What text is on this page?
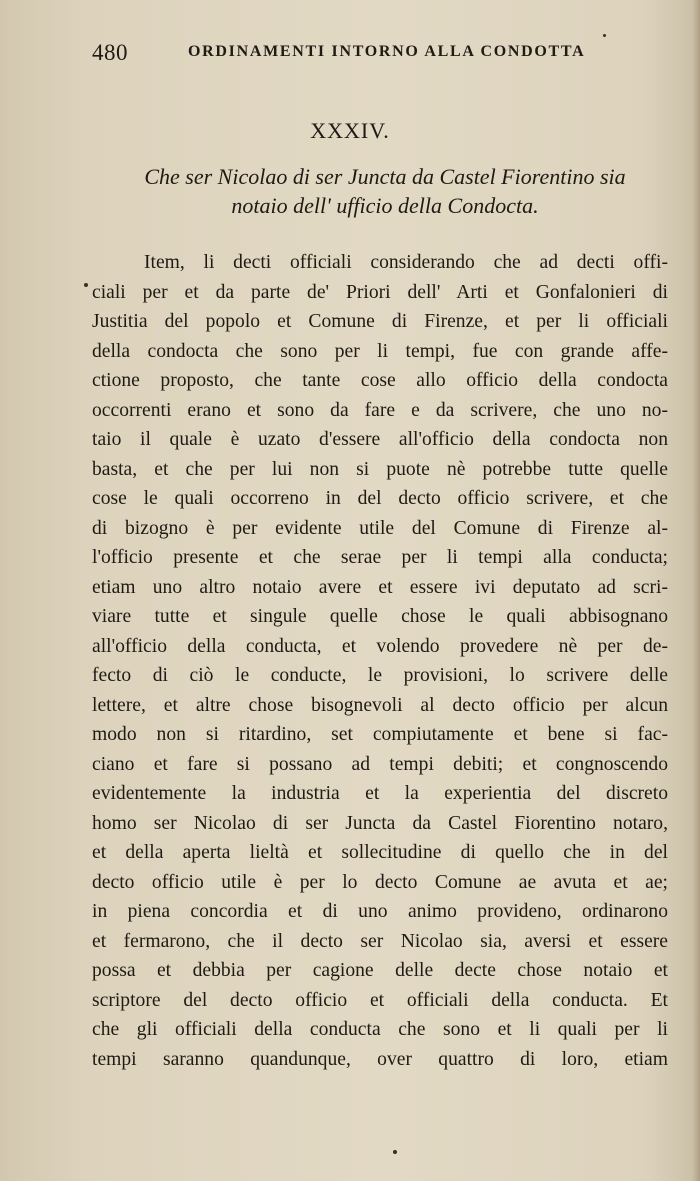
480	ORDINAMENTI INTORNO ALLA CONDOTTA
XXXIV.
Che ser Nicolao di ser Juncta da Castel Fiorentino sia
notaio dell' ufficio della Condocta.
Item, li decti officiali considerando che ad decti offi-
ciali per et da parte de' Priori dell' Arti et Gonfalonieri di
Justitia del popolo et Comune di Firenze, et per li officiali
della condocta che sono per li tempi, fue con grande affe-
ctione proposto, che tante cose allo officio della condocta
occorrenti erano et sono da fare e da scrivere, che uno no-
taio il quale è uzato d'essere all'officio della condocta non
basta, et che per lui non si puote nè potrebbe tutte quelle
cose le quali occorreno in del decto officio scrivere, et che
di bizogno è per evidente utile del Comune di Firenze al-
l'officio presente et che serae per li tempi alla conducta;
etiam uno altro notaio avere et essere ivi deputato ad scri-
viare tutte et singule quelle chose le quali abbisognano
all'officio della conducta, et volendo provedere nè per de-
fecto di ciò le conducte, le provisioni, lo scrivere delle
lettere, et altre chose bisognevoli al decto officio per alcun
modo non si ritardino, set compiutamente et bene si fac-
ciano et fare si possano ad tempi debiti; et congnoscendo
evidentemente la industria et la experientia del discreto
homo ser Nicolao di ser Juncta da Castel Fiorentino notaro,
et della aperta lieltà et sollecitudine di quello che in del
decto officio utile è per lo decto Comune ae avuta et ae;
in piena concordia et di uno animo provideno, ordinarono
et fermarono, che il decto ser Nicolao sia, aversi et essere
possa et debbia per cagione delle decte chose notaio et
scriptore del decto officio et officiali della conducta. Et
che gli officiali della conducta che sono et li quali per li
tempi saranno quandunque, over quattro di loro, etiam
